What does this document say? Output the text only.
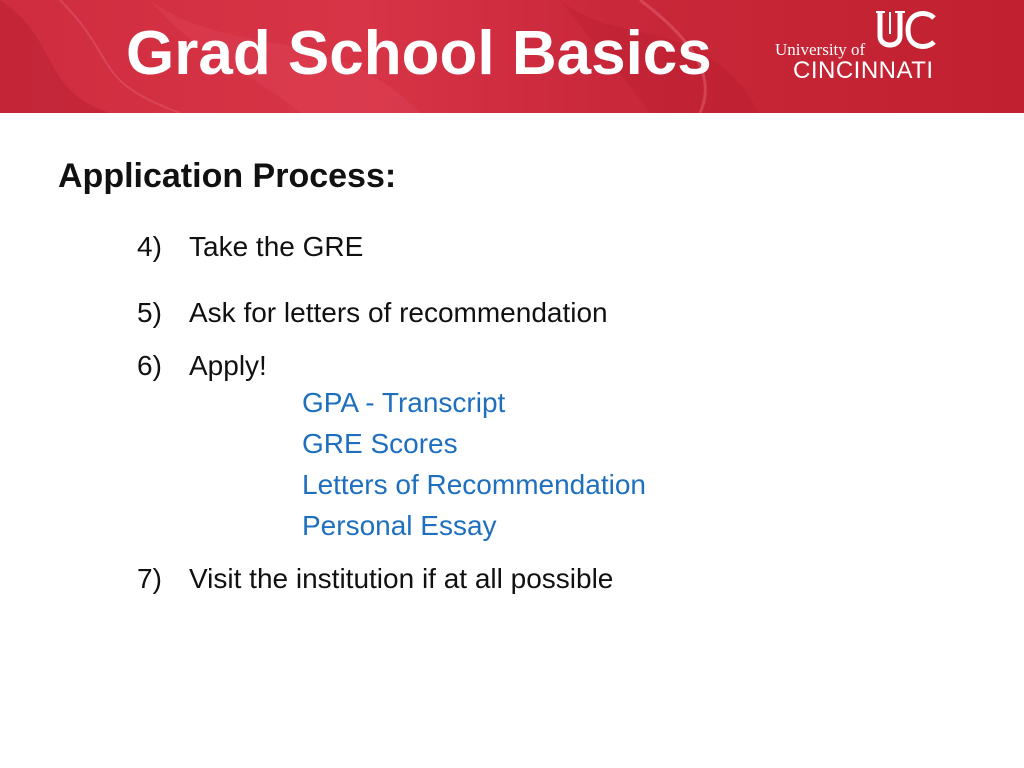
Grad School Basics	University of
CINCINNATI
Application Process:
4) Take the GRE
5) Ask for letters of recommendation
6) Apply!
GPA - Transcript
GRE Scores
Letters of Recommendation
Personal Essay
7) Visit the institution if at all possible
